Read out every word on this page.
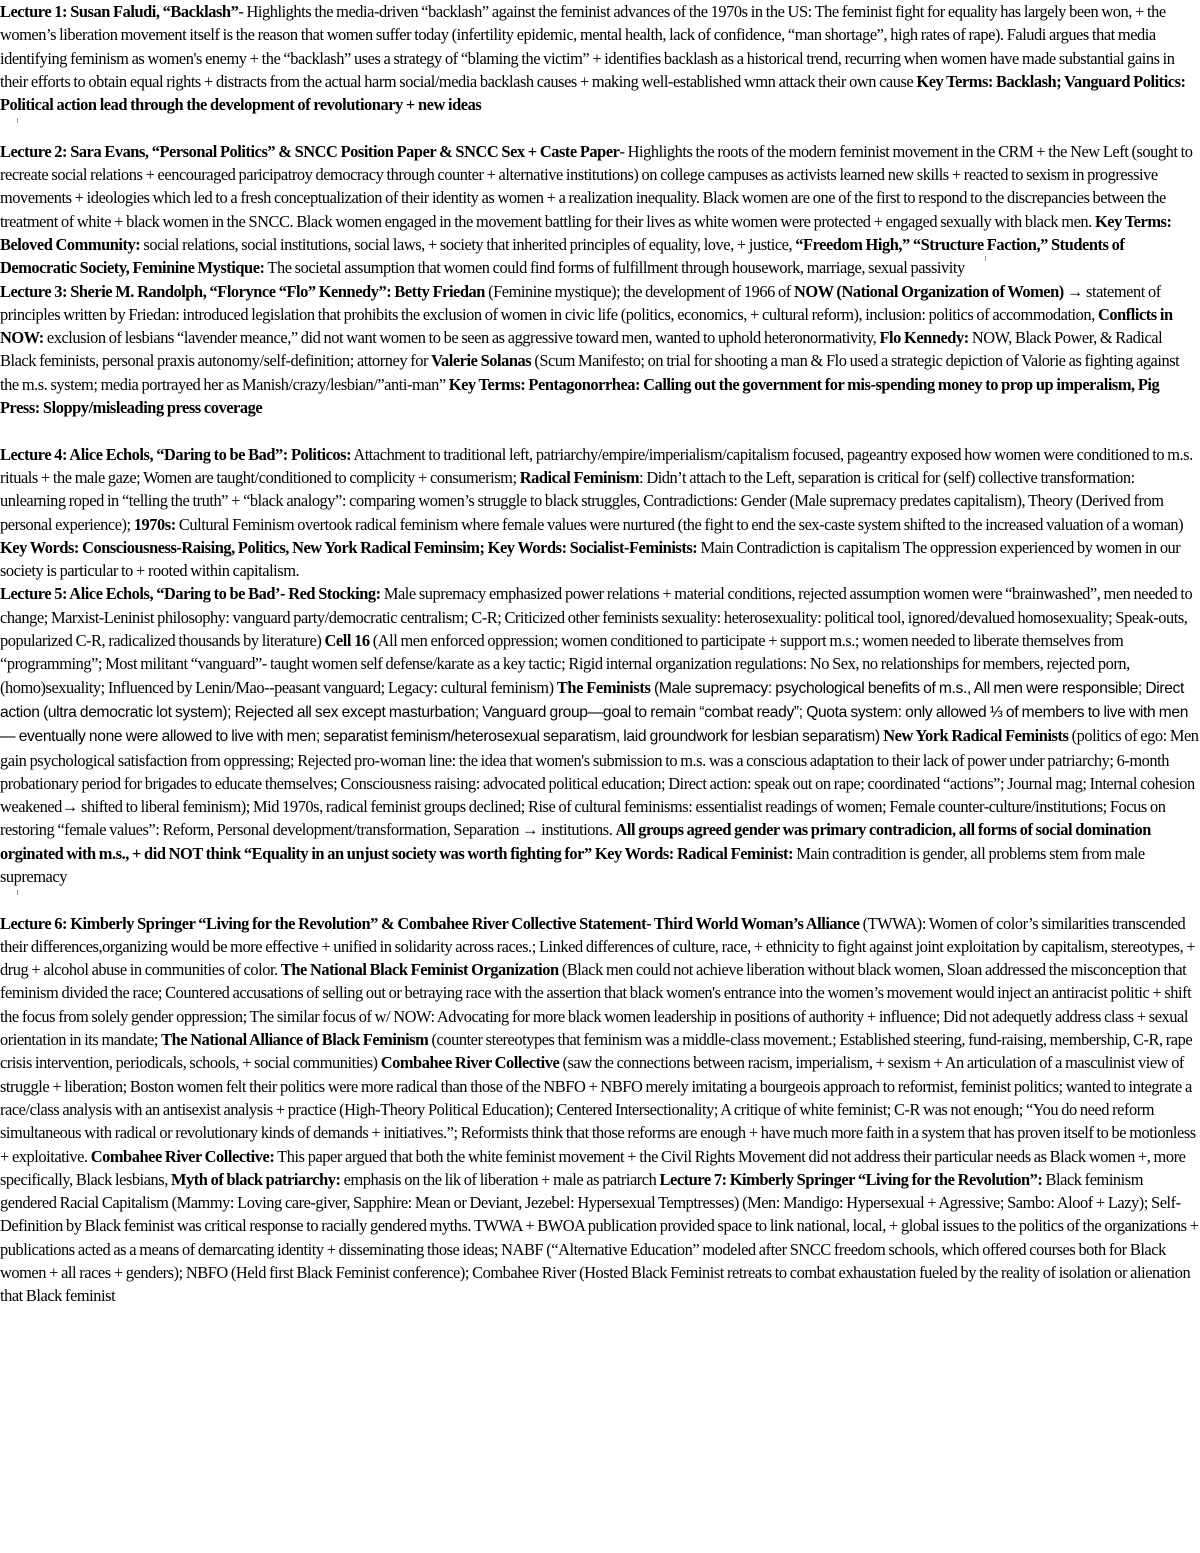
Lecture 1: Susan Faludi, “Backlash”- Highlights the media-driven “backlash” against the feminist advances of the 1970s in the US: The feminist fight for equality has largely been won, + the women’s liberation movement itself is the reason that women suffer today (infertility epidemic, mental health, lack of confidence, “man shortage”, high rates of rape). Faludi argues that media identifying feminism as women's enemy + the “backlash” uses a strategy of “blaming the victim” + identifies backlash as a historical trend, recurring when women have made substantial gains in their efforts to obtain equal rights + distracts from the actual harm social/media backlash causes + making well-established wmn attack their own cause Key Terms: Backlash; Vanguard Politics: Political action lead through the development of revolutionary + new ideas

Lecture 2: Sara Evans, “Personal Politics” & SNCC Position Paper & SNCC Sex + Caste Paper- Highlights the roots of the modern feminist movement in the CRM + the New Left (sought to recreate social relations + eencouraged paricipatroy democracy through counter + alternative institutions) on college campuses as activists learned new skills + reacted to sexism in progressive movements + ideologies which led to a fresh conceptualization of their identity as women + a realization inequality. Black women are one of the first to respond to the discrepancies between the treatment of white + black women in the SNCC. Black women engaged in the movement battling for their lives as white women were protected + engaged sexually with black men. Key Terms: Beloved Community: social relations, social institutions, social laws, + society that inherited principles of equality, love, + justice, “Freedom High,” “Structure Faction,” Students of Democratic Society, Feminine Mystique: The societal assumption that women could find forms of fulfillment through housework, marriage, sexual passivity

Lecture 3: Sherie M. Randolph, “Florynce “Flo” Kennedy”: Betty Friedan (Feminine mystique); the development of 1966 of NOW (National Organization of Women) → statement of principles written by Friedan: introduced legislation that prohibits the exclusion of women in civic life (politics, economics, + cultural reform), inclusion: politics of accommodation, Conflicts in NOW: exclusion of lesbians “lavender meance,” did not want women to be seen as aggressive toward men, wanted to uphold heteronormativity, Flo Kennedy: NOW, Black Power, & Radical Black feminists, personal praxis autonomy/self-definition; attorney for Valerie Solanas (Scum Manifesto; on trial for shooting a man & Flo used a strategic depiction of Valorie as fighting against the m.s. system; media portrayed her as Manish/crazy/lesbian/”anti-man” Key Terms: Pentagonorrhea: Calling out the government for mis-spending money to prop up imperalism, Pig Press: Sloppy/misleading press coverage

Lecture 4: Alice Echols, “Daring to be Bad”: Politicos: Attachment to traditional left, patriarchy/empire/imperialism/capitalism focused, pageantry exposed how women were conditioned to m.s. rituals + the male gaze; Women are taught/conditioned to complicity + consumerism; Radical Feminism: Didn’t attach to the Left, separation is critical for (self) collective transformation: unlearning roped in “telling the truth” + “black analogy”: comparing women’s struggle to black struggles, Contradictions: Gender (Male supremacy predates capitalism), Theory (Derived from personal experience); 1970s: Cultural Feminism overtook radical feminism where female values were nurtured (the fight to end the sex-caste system shifted to the increased valuation of a woman) Key Words: Consciousness-Raising, Politics, New York Radical Feminsim; Key Words: Socialist-Feminists: Main Contradiction is capitalism The oppression experienced by women in our society is particular to + rooted within capitalism.

Lecture 5: Alice Echols, “Daring to be Bad’- Red Stocking: Male supremacy emphasized power relations + material conditions, rejected assumption women were “brainwashed”, men needed to change; Marxist-Leninist philosophy: vanguard party/democratic centralism; C-R; Criticized other feminists sexuality: heterosexuality: political tool, ignored/devalued homosexuality; Speak-outs, popularized C-R, radicalized thousands by literature) Cell 16 (All men enforced oppression; women conditioned to participate + support m.s.; women needed to liberate themselves from “programming”; Most militant “vanguard”- taught women self defense/karate as a key tactic; Rigid internal organization regulations: No Sex, no relationships for members, rejected porn, (homo)sexuality; Influenced by Lenin/Mao--peasant vanguard; Legacy: cultural feminism) The Feminists (Male supremacy: psychological benefits of m.s., All men were responsible; Direct action (ultra democratic lot system); Rejected all sex except masturbation; Vanguard group—goal to remain “combat ready”; Quota system: only allowed ⅓ of members to live with men— eventually none were allowed to live with men; separatist feminism/heterosexual separatism, laid groundwork for lesbian separatism) New York Radical Feminists (politics of ego: Men gain psychological satisfaction from oppressing; Rejected pro-woman line: the idea that women's submission to m.s. was a conscious adaptation to their lack of power under patriarchy; 6-month probationary period for brigades to educate themselves; Consciousness raising: advocated political education; Direct action: speak out on rape; coordinated “actions”; Journal mag; Internal cohesion weakened→ shifted to liberal feminism); Mid 1970s, radical feminist groups declined; Rise of cultural feminisms: essentialist readings of women; Female counter-culture/institutions; Focus on restoring “female values”: Reform, Personal development/transformation, Separation → institutions. All groups agreed gender was primary contradicion, all forms of social domination orginated with m.s., + did NOT think “Equality in an unjust society was worth fighting for” Key Words: Radical Feminist: Main contradition is gender, all problems stem from male supremacy

Lecture 6: Kimberly Springer “Living for the Revolution” & Combahee River Collective Statement- Third World Woman’s Alliance (TWWA): Women of color’s similarities transcended their differences,organizing would be more effective + unified in solidarity across races.; Linked differences of culture, race, + ethnicity to fight against joint exploitation by capitalism, stereotypes, + drug + alcohol abuse in communities of color. The National Black Feminist Organization (Black men could not achieve liberation without black women, Sloan addressed the misconception that feminism divided the race; Countered accusations of selling out or betraying race with the assertion that black women's entrance into the women’s movement would inject an antiracist politic + shift the focus from solely gender oppression; The similar focus of w/ NOW: Advocating for more black women leadership in positions of authority + influence; Did not adequetly address class + sexual orientation in its mandate; The National Alliance of Black Feminism (counter stereotypes that feminism was a middle-class movement.; Established steering, fund-raising, membership, C-R, rape crisis intervention, periodicals, schools, + social communities) Combahee River Collective (saw the connections between racism, imperialism, + sexism + An articulation of a masculinist view of struggle + liberation; Boston women felt their politics were more radical than those of the NBFO + NBFO merely imitating a bourgeois approach to reformist, feminist politics; wanted to integrate a race/class analysis with an antisexist analysis + practice (High-Theory Political Education); Centered Intersectionality; A critique of white feminist; C-R was not enough; “You do need reform simultaneous with radical or revolutionary kinds of demands + initiatives.”; Reformists think that those reforms are enough + have much more faith in a system that has proven itself to be motionless + exploitative. Combahee River Collective: This paper argued that both the white feminist movement + the Civil Rights Movement did not address their particular needs as Black women +, more specifically, Black lesbians, Myth of black patriarchy: emphasis on the lik of liberation + male as patriarch Lecture 7: Kimberly Springer “Living for the Revolution”: Black feminism gendered Racial Capitalism (Mammy: Loving care-giver, Sapphire: Mean or Deviant, Jezebel: Hypersexual Temptresses) (Men: Mandigo: Hypersexual + Agressive; Sambo: Aloof + Lazy); Self-Definition by Black feminist was critical response to racially gendered myths. TWWA + BWOA publication provided space to link national, local, + global issues to the politics of the organizations + publications acted as a means of demarcating identity + disseminating those ideas; NABF (“Alternative Education” modeled after SNCC freedom schools, which offered courses both for Black women + all races + genders); NBFO (Held first Black Feminist conference); Combahee River (Hosted Black Feminist retreats to combat exhaustation fueled by the reality of isolation or alienation that Black feminist
